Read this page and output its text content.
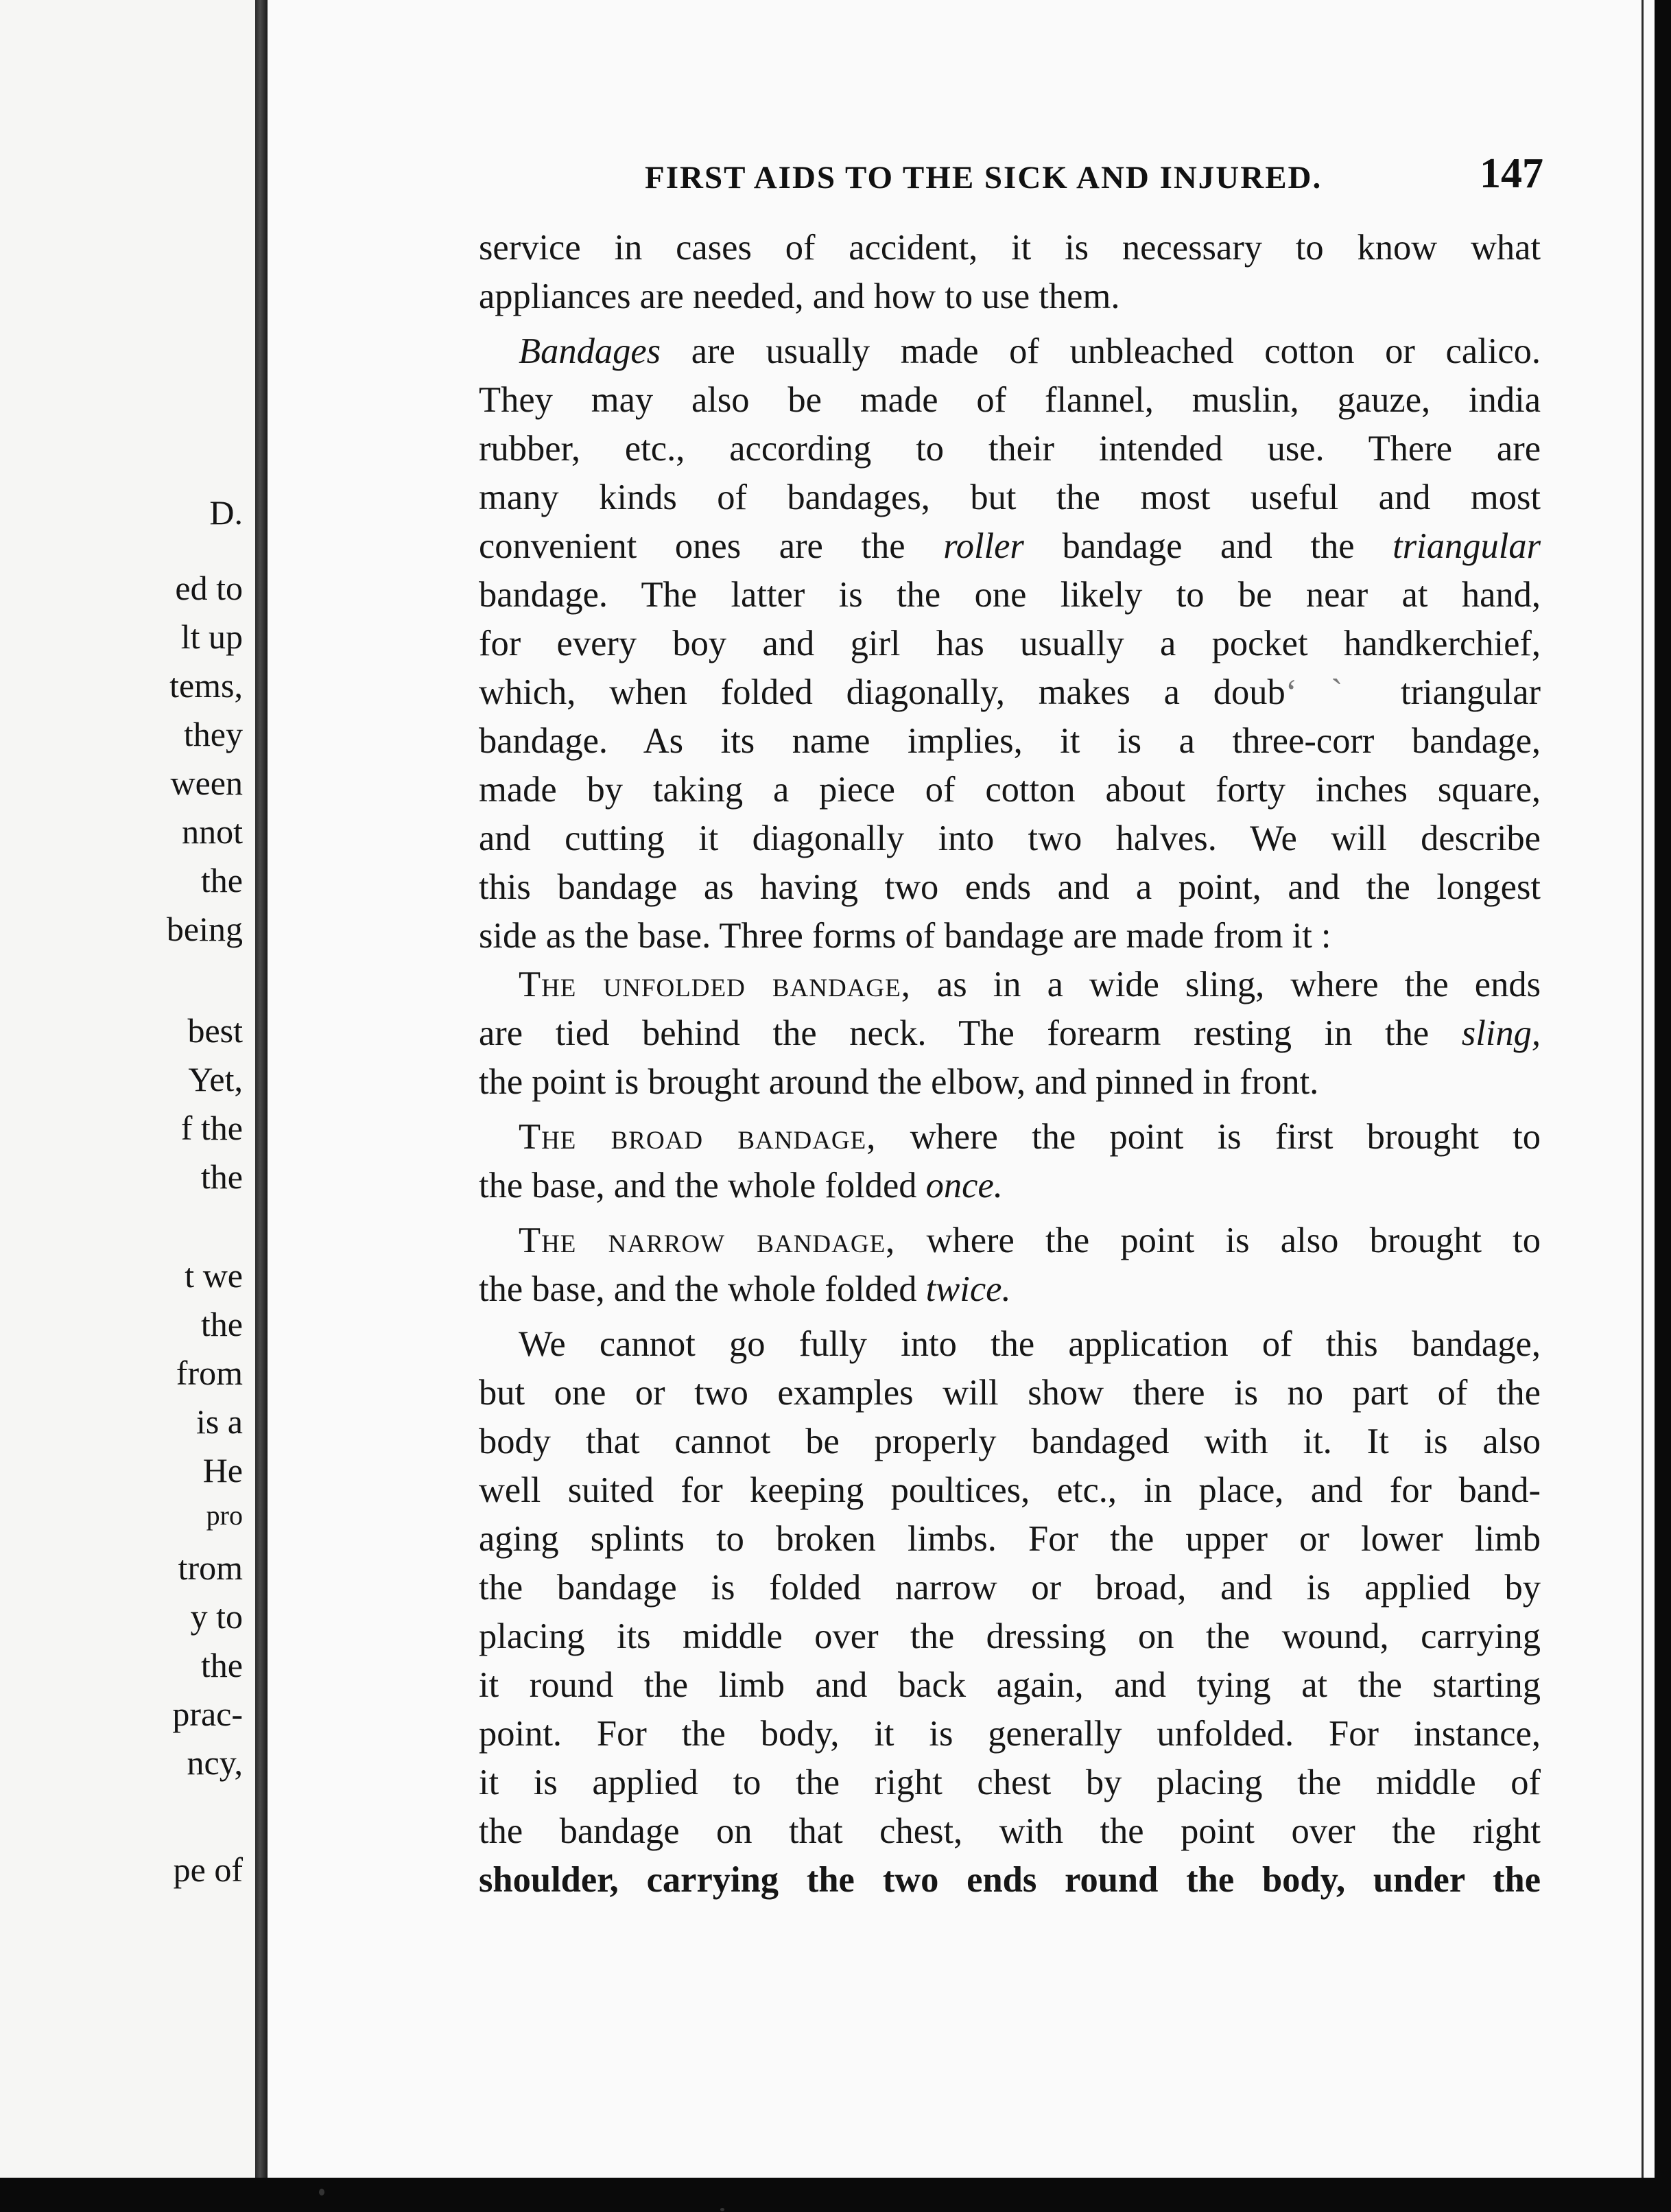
D.
ed to
lt up
tems,
they
ween
nnot
the
being
best
Yet,
f the
the
t we
the
from
is a
He
pro
trom
y to
the
prac-
ncy,
pe of
FIRST AIDS TO THE SICK AND INJURED.	147
service in cases of accident, it is necessary to know what
appliances are needed, and how to use them.
Bandages are usually made of unbleached cotton or calico.
They may also be made of flannel, muslin, gauze, india
rubber, etc., according to their intended use. There are
many kinds of bandages, but the most useful and most
convenient ones are the roller bandage and the triangular
bandage. The latter is the one likely to be near at hand,
for every boy and girl has usually a pocket handkerchief,
which, when folded diagonally, makes a doubʻ ˋ triangular
bandage. As its name implies, it is a three-corr bandage,
made by taking a piece of cotton about forty inches square,
and cutting it diagonally into two halves. We will describe
this bandage as having two ends and a point, and the longest
side as the base. Three forms of bandage are made from it :
The unfolded bandage, as in a wide sling, where the ends
are tied behind the neck. The forearm resting in the sling,
the point is brought around the elbow, and pinned in front.
The broad bandage, where the point is first brought to
the base, and the whole folded once.
The narrow bandage, where the point is also brought to
the base, and the whole folded twice.
We cannot go fully into the application of this bandage,
but one or two examples will show there is no part of the
body that cannot be properly bandaged with it. It is also
well suited for keeping poultices, etc., in place, and for band-
aging splints to broken limbs. For the upper or lower limb
the bandage is folded narrow or broad, and is applied by
placing its middle over the dressing on the wound, carrying
it round the limb and back again, and tying at the starting
point. For the body, it is generally unfolded. For instance,
it is applied to the right chest by placing the middle of
the bandage on that chest, with the point over the right
shoulder, carrying the two ends round the body, under the
